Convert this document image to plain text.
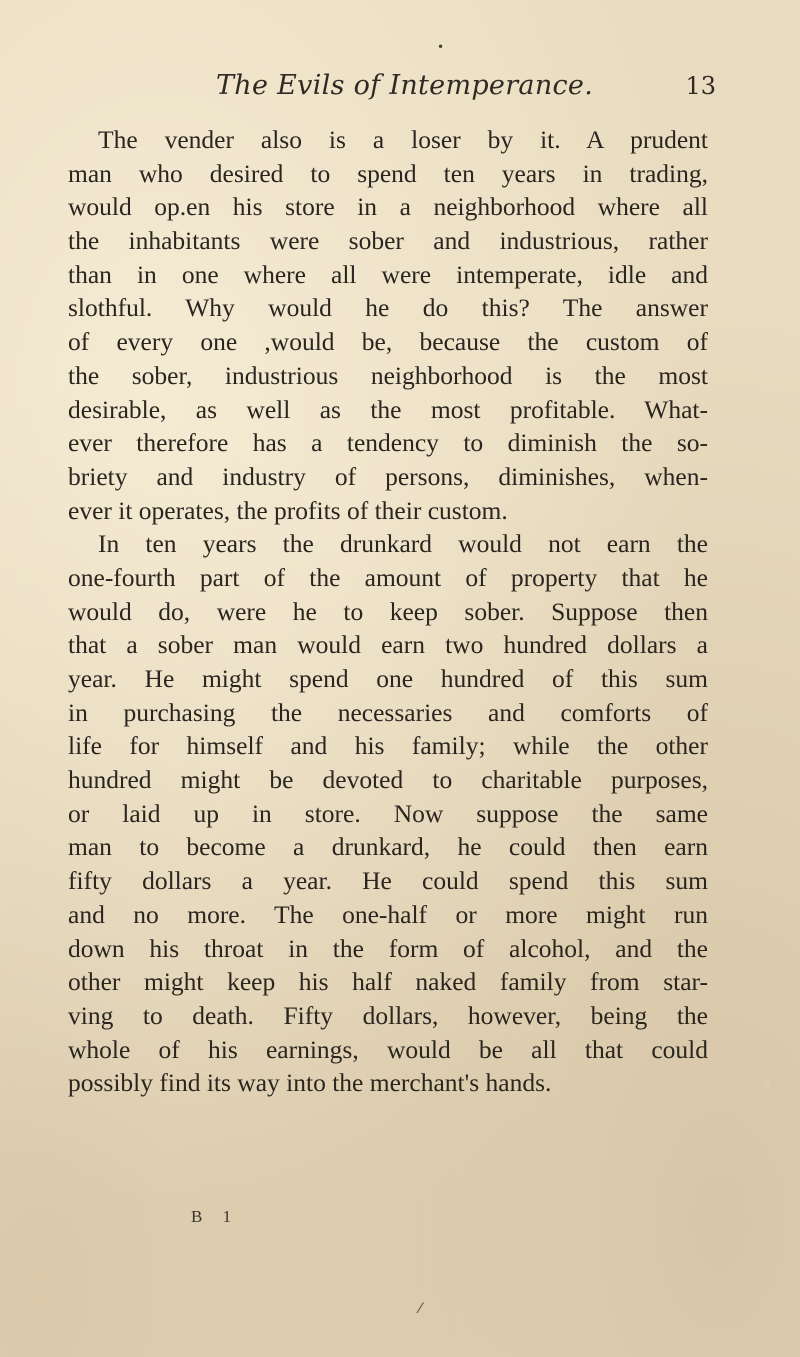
•
The Evils of Intemperance.	13
The vender also is a loser by it. A prudent
man who desired to spend ten years in trading,
would op.en his store in a neighborhood where all
the inhabitants were sober and industrious, rather
than in one where all were intemperate, idle and
slothful. Why would he do this? The answer
of every one ,would be, because the custom of
the sober, industrious neighborhood is the most
desirable, as well as the most profitable. What-
ever therefore has a tendency to diminish the so-
briety and industry of persons, diminishes, when-
ever it operates, the profits of their custom.
In ten years the drunkard would not earn the
one-fourth part of the amount of property that he
would do, were he to keep sober. Suppose then
that a sober man would earn two hundred dollars a
year. He might spend one hundred of this sum
in purchasing the necessaries and comforts of
life for himself and his family; while the other
hundred might be devoted to charitable purposes,
or laid up in store. Now suppose the same
man to become a drunkard, he could then earn
fifty dollars a year. He could spend this sum
and no more. The one-half or more might run
down his throat in the form of alcohol, and the
other might keep his half naked family from star-
ving to death. Fifty dollars, however, being the
whole of his earnings, would be all that could
possibly find its way into the merchant's hands.
B 1
⁄
